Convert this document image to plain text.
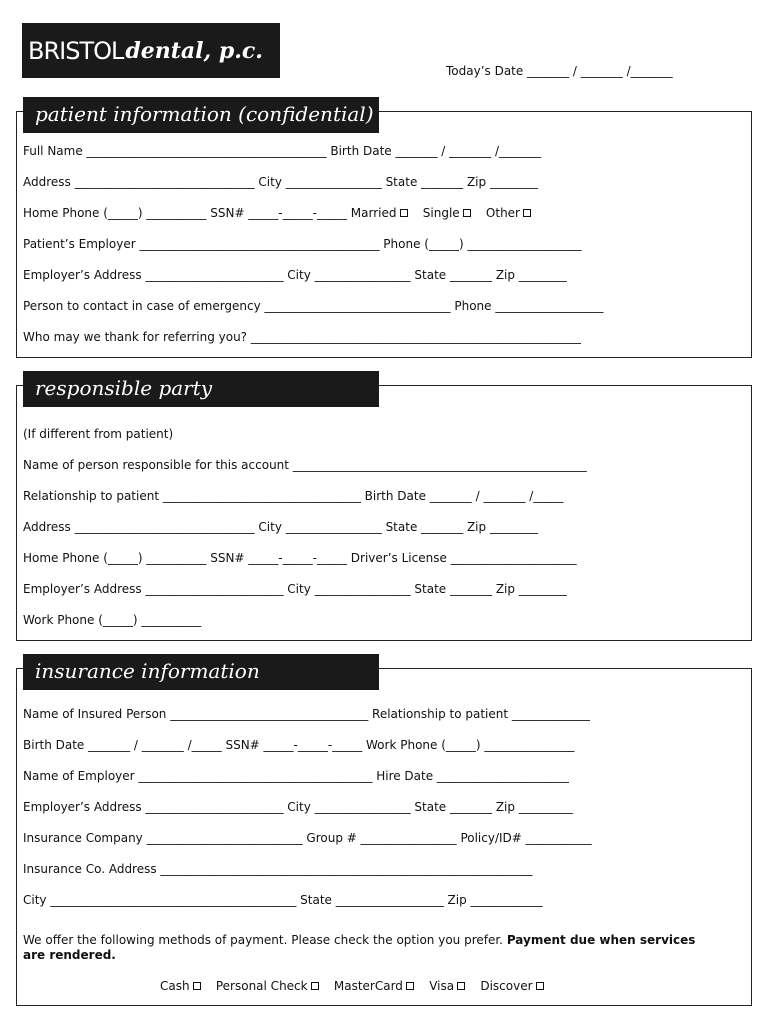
BRISTOL dental, p.c.
Today’s Date _______ / _______ /_______
patient information (confidential)
Full Name ________________________________________ Birth Date _______ / _______ /_______
Address ______________________________ City ________________ State _______ Zip ________
Home Phone (_____) __________ SSN# _____-_____-_____ Married Single Other
Patient’s Employer ________________________________________ Phone (_____) ___________________
Employer’s Address _______________________ City ________________ State _______ Zip ________
Person to contact in case of emergency _______________________________ Phone __________________
Who may we thank for referring you? _______________________________________________________
responsible party
(If different from patient)
Name of person responsible for this account _________________________________________________
Relationship to patient _________________________________ Birth Date _______ / _______ /_____
Address ______________________________ City ________________ State _______ Zip ________
Home Phone (_____) __________ SSN# _____-_____-_____ Driver’s License _____________________
Employer’s Address _______________________ City ________________ State _______ Zip ________
Work Phone (_____) __________
insurance information
Name of Insured Person _________________________________ Relationship to patient _____________
Birth Date _______ / _______ /_____ SSN# _____-_____-_____ Work Phone (_____) _______________
Name of Employer _______________________________________ Hire Date ______________________
Employer’s Address _______________________ City ________________ State _______ Zip _________
Insurance Company __________________________ Group # ________________ Policy/ID# ___________
Insurance Co. Address ______________________________________________________________
City _________________________________________ State __________________ Zip ____________
We offer the following methods of payment. Please check the option you prefer. Payment due when services
are rendered.
Cash Personal Check MasterCard Visa Discover
